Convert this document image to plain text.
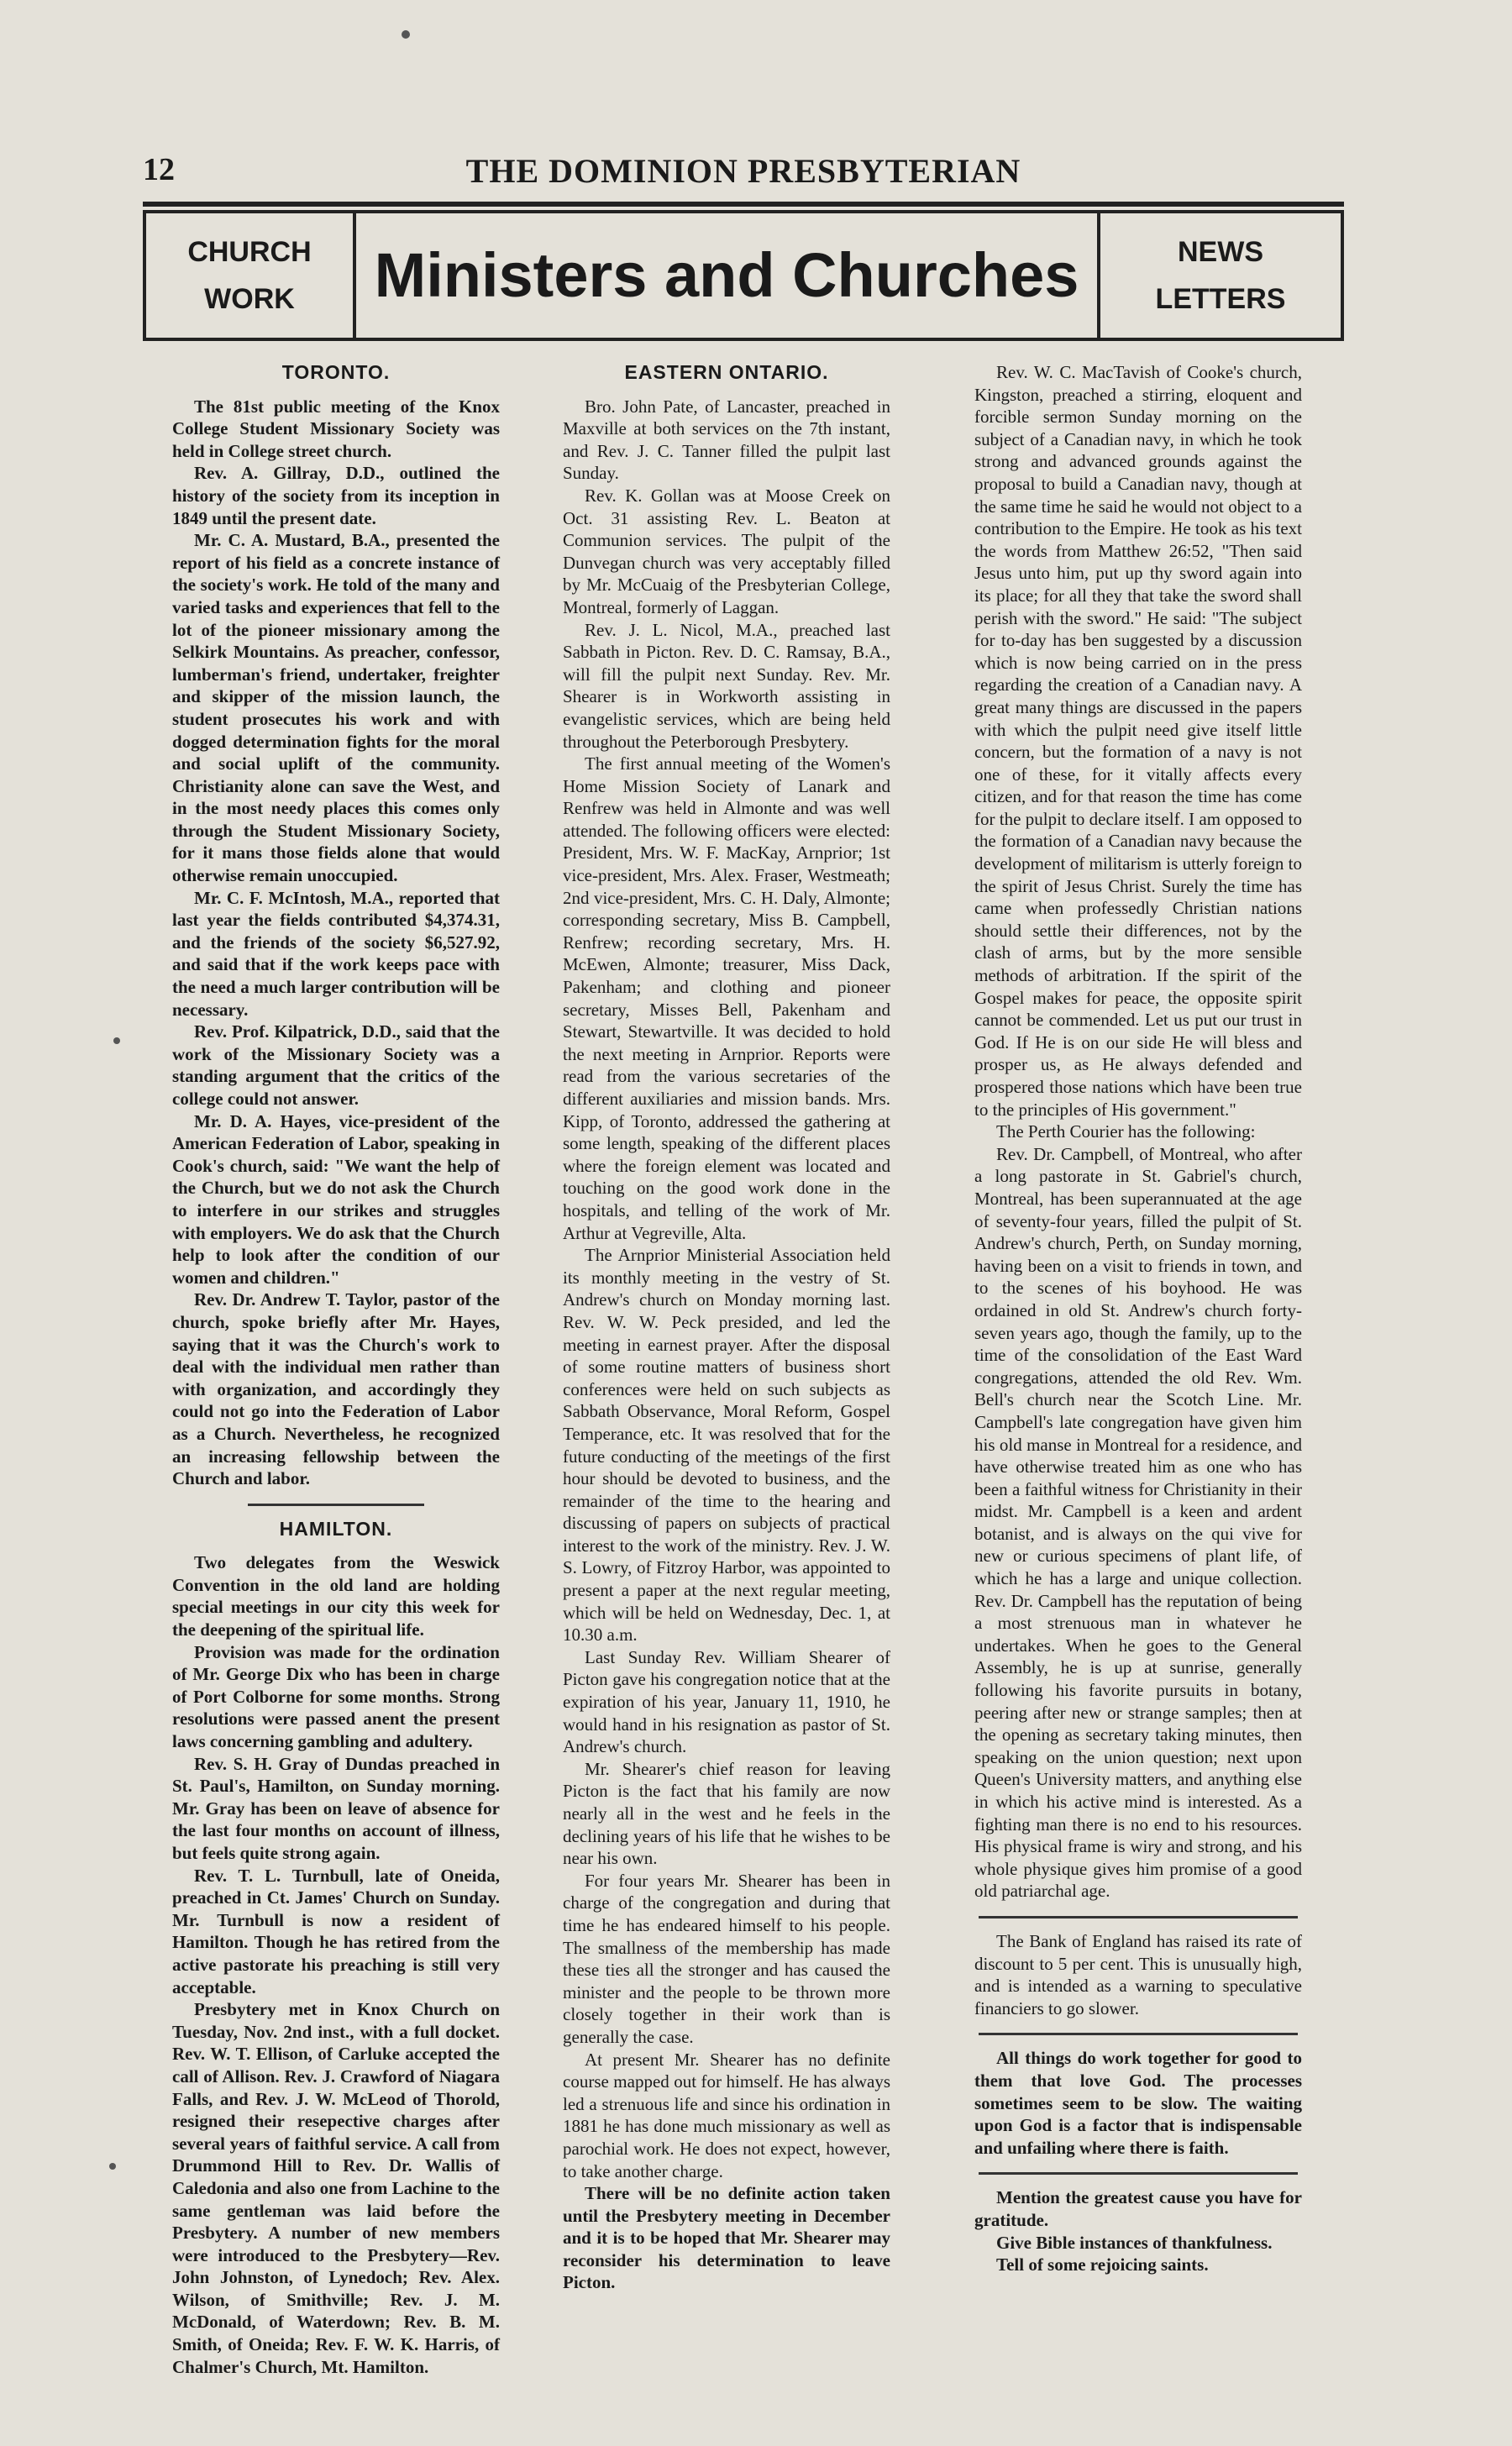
12	THE DOMINION PRESBYTERIAN
CHURCH
WORK	Ministers and Churches	NEWS
LETTERS
TORONTO.

The 81st public meeting of the Knox College Student Missionary Society was held in College street church.

Rev. A. Gillray, D.D., outlined the history of the society from its inception in 1849 until the present date.

Mr. C. A. Mustard, B.A., presented the report of his field as a concrete instance of the society's work. He told of the many and varied tasks and experiences that fell to the lot of the pioneer missionary among the Selkirk Mountains. As preacher, confessor, lumberman's friend, undertaker, freighter and skipper of the mission launch, the student prosecutes his work and with dogged determination fights for the moral and social uplift of the community. Christianity alone can save the West, and in the most needy places this comes only through the Student Missionary Society, for it mans those fields alone that would otherwise remain unoccupied.

Mr. C. F. McIntosh, M.A., reported that last year the fields contributed $4,374.31, and the friends of the society $6,527.92, and said that if the work keeps pace with the need a much larger contribution will be necessary.

Rev. Prof. Kilpatrick, D.D., said that the work of the Missionary Society was a standing argument that the critics of the college could not answer.

Mr. D. A. Hayes, vice-president of the American Federation of Labor, speaking in Cook's church, said: "We want the help of the Church, but we do not ask the Church to interfere in our strikes and struggles with employers. We do ask that the Church help to look after the condition of our women and children."

Rev. Dr. Andrew T. Taylor, pastor of the church, spoke briefly after Mr. Hayes, saying that it was the Church's work to deal with the individual men rather than with organization, and accordingly they could not go into the Federation of Labor as a Church. Nevertheless, he recognized an increasing fellowship between the Church and labor.

HAMILTON.

Two delegates from the Weswick Convention in the old land are holding special meetings in our city this week for the deepening of the spiritual life.

Provision was made for the ordination of Mr. George Dix who has been in charge of Port Colborne for some months. Strong resolutions were passed anent the present laws concerning gambling and adultery.

Rev. S. H. Gray of Dundas preached in St. Paul's, Hamilton, on Sunday morning. Mr. Gray has been on leave of absence for the last four months on account of illness, but feels quite strong again.

Rev. T. L. Turnbull, late of Oneida, preached in Ct. James' Church on Sunday. Mr. Turnbull is now a resident of Hamilton. Though he has retired from the active pastorate his preaching is still very acceptable.

Presbytery met in Knox Church on Tuesday, Nov. 2nd inst., with a full docket. Rev. W. T. Ellison, of Carluke accepted the call of Allison. Rev. J. Crawford of Niagara Falls, and Rev. J. W. McLeod of Thorold, resigned their resepective charges after several years of faithful service. A call from Drummond Hill to Rev. Dr. Wallis of Caledonia and also one from Lachine to the same gentleman was laid before the Presbytery. A number of new members were introduced to the Presbytery—Rev. John Johnston, of Lynedoch; Rev. Alex. Wilson, of Smithville; Rev. J. M. McDonald, of Waterdown; Rev. B. M. Smith, of Oneida; Rev. F. W. K. Harris, of Chalmer's Church, Mt. Hamilton.

EASTERN ONTARIO.

Bro. John Pate, of Lancaster, preached in Maxville at both services on the 7th instant, and Rev. J. C. Tanner filled the pulpit last Sunday.

Rev. K. Gollan was at Moose Creek on Oct. 31 assisting Rev. L. Beaton at Communion services. The pulpit of the Dunvegan church was very acceptably filled by Mr. McCuaig of the Presbyterian College, Montreal, formerly of Laggan.

Rev. J. L. Nicol, M.A., preached last Sabbath in Picton. Rev. D. C. Ramsay, B.A., will fill the pulpit next Sunday. Rev. Mr. Shearer is in Workworth assisting in evangelistic services, which are being held throughout the Peterborough Presbytery.

The first annual meeting of the Women's Home Mission Society of Lanark and Renfrew was held in Almonte and was well attended. The following officers were elected: President, Mrs. W. F. MacKay, Arnprior; 1st vice-president, Mrs. Alex. Fraser, Westmeath; 2nd vice-president, Mrs. C. H. Daly, Almonte; corresponding secretary, Miss B. Campbell, Renfrew; recording secretary, Mrs. H. McEwen, Almonte; treasurer, Miss Dack, Pakenham; and clothing and pioneer secretary, Misses Bell, Pakenham and Stewart, Stewartville. It was decided to hold the next meeting in Arnprior. Reports were read from the various secretaries of the different auxiliaries and mission bands. Mrs. Kipp, of Toronto, addressed the gathering at some length, speaking of the different places where the foreign element was located and touching on the good work done in the hospitals, and telling of the work of Mr. Arthur at Vegreville, Alta.

The Arnprior Ministerial Association held its monthly meeting in the vestry of St. Andrew's church on Monday morning last. Rev. W. W. Peck presided, and led the meeting in earnest prayer. After the disposal of some routine matters of business short conferences were held on such subjects as Sabbath Observance, Moral Reform, Gospel Temperance, etc. It was resolved that for the future conducting of the meetings of the first hour should be devoted to business, and the remainder of the time to the hearing and discussing of papers on subjects of practical interest to the work of the ministry. Rev. J. W. S. Lowry, of Fitzroy Harbor, was appointed to present a paper at the next regular meeting, which will be held on Wednesday, Dec. 1, at 10.30 a.m.

Last Sunday Rev. William Shearer of Picton gave his congregation notice that at the expiration of his year, January 11, 1910, he would hand in his resignation as pastor of St. Andrew's church.

Mr. Shearer's chief reason for leaving Picton is the fact that his family are now nearly all in the west and he feels in the declining years of his life that he wishes to be near his own.

For four years Mr. Shearer has been in charge of the congregation and during that time he has endeared himself to his people. The smallness of the membership has made these ties all the stronger and has caused the minister and the people to be thrown more closely together in their work than is generally the case.

At present Mr. Shearer has no definite course mapped out for himself. He has always led a strenuous life and since his ordination in 1881 he has done much missionary as well as parochial work. He does not expect, however, to take another charge.

There will be no definite action taken until the Presbytery meeting in December and it is to be hoped that Mr. Shearer may reconsider his determination to leave Picton.

Rev. W. C. MacTavish of Cooke's church, Kingston, preached a stirring, eloquent and forcible sermon Sunday morning on the subject of a Canadian navy, in which he took strong and advanced grounds against the proposal to build a Canadian navy, though at the same time he said he would not object to a contribution to the Empire. He took as his text the words from Matthew 26:52, "Then said Jesus unto him, put up thy sword again into its place; for all they that take the sword shall perish with the sword." He said: "The subject for to-day has ben suggested by a discussion which is now being carried on in the press regarding the creation of a Canadian navy. A great many things are discussed in the papers with which the pulpit need give itself little concern, but the formation of a navy is not one of these, for it vitally affects every citizen, and for that reason the time has come for the pulpit to declare itself. I am opposed to the formation of a Canadian navy because the development of militarism is utterly foreign to the spirit of Jesus Christ. Surely the time has came when professedly Christian nations should settle their differences, not by the clash of arms, but by the more sensible methods of arbitration. If the spirit of the Gospel makes for peace, the opposite spirit cannot be commended. Let us put our trust in God. If He is on our side He will bless and prosper us, as He always defended and prospered those nations which have been true to the principles of His government."

The Perth Courier has the following:

Rev. Dr. Campbell, of Montreal, who after a long pastorate in St. Gabriel's church, Montreal, has been superannuated at the age of seventy-four years, filled the pulpit of St. Andrew's church, Perth, on Sunday morning, having been on a visit to friends in town, and to the scenes of his boyhood. He was ordained in old St. Andrew's church forty-seven years ago, though the family, up to the time of the consolidation of the East Ward congregations, attended the old Rev. Wm. Bell's church near the Scotch Line. Mr. Campbell's late congregation have given him his old manse in Montreal for a residence, and have otherwise treated him as one who has been a faithful witness for Christianity in their midst. Mr. Campbell is a keen and ardent botanist, and is always on the qui vive for new or curious specimens of plant life, of which he has a large and unique collection. Rev. Dr. Campbell has the reputation of being a most strenuous man in whatever he undertakes. When he goes to the General Assembly, he is up at sunrise, generally following his favorite pursuits in botany, peering after new or strange samples; then at the opening as secretary taking minutes, then speaking on the union question; next upon Queen's University matters, and anything else in which his active mind is interested. As a fighting man there is no end to his resources. His physical frame is wiry and strong, and his whole physique gives him promise of a good old patriarchal age.

The Bank of England has raised its rate of discount to 5 per cent. This is unusually high, and is intended as a warning to speculative financiers to go slower.

All things do work together for good to them that love God. The processes sometimes seem to be slow. The waiting upon God is a factor that is indispensable and unfailing where there is faith.

Mention the greatest cause you have for gratitude.

Give Bible instances of thankfulness.

Tell of some rejoicing saints.
